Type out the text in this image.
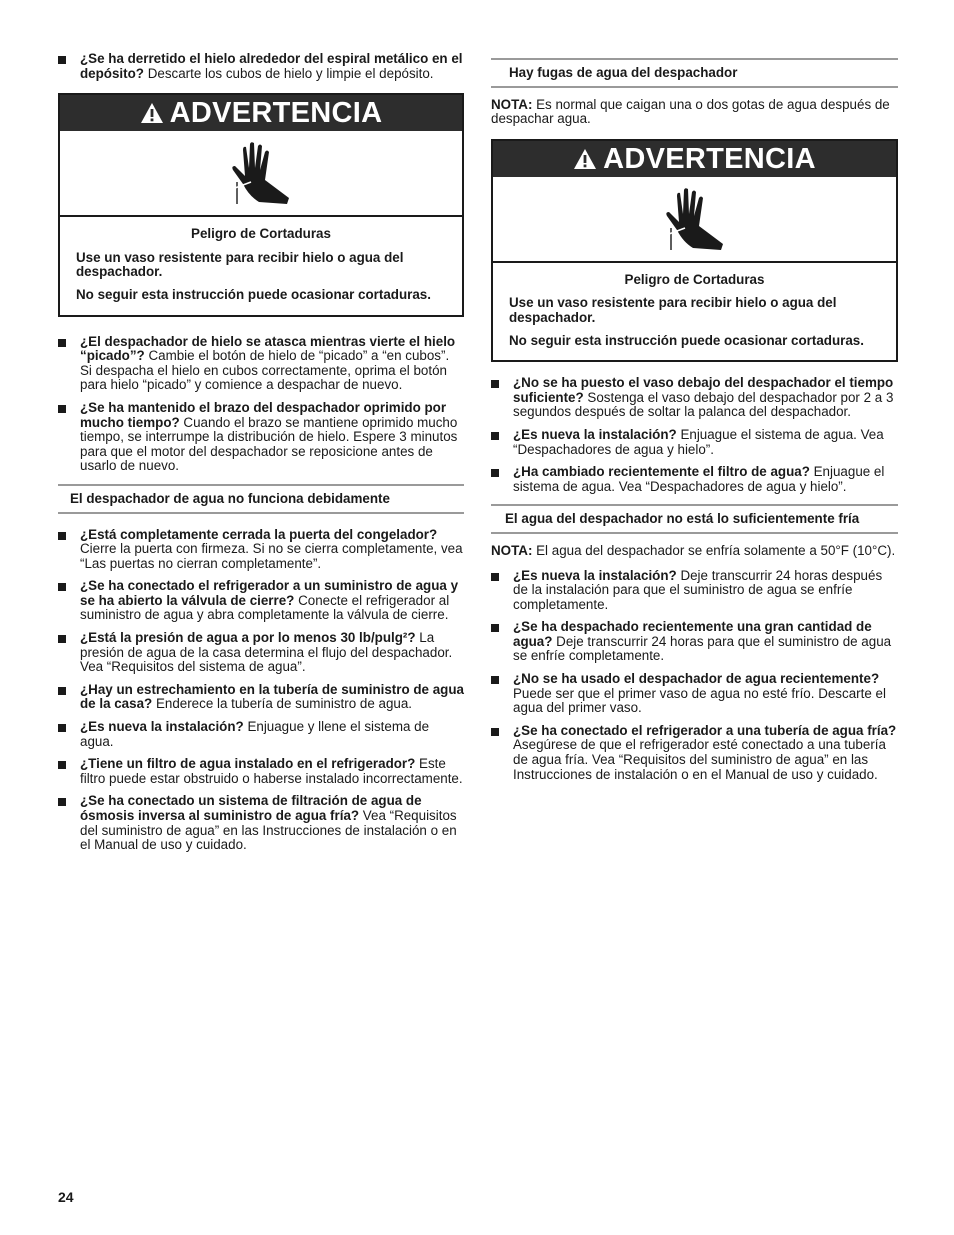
¿Se ha derretido el hielo alrededor del espiral metálico en el depósito? Descarte los cubos de hielo y limpie el depósito.
ADVERTENCIA
Peligro de Cortaduras

Use un vaso resistente para recibir hielo o agua del despachador.

No seguir esta instrucción puede ocasionar cortaduras.

¿El despachador de hielo se atasca mientras vierte el hielo “picado”? Cambie el botón de hielo de “picado” a “en cubos”. Si despacha el hielo en cubos correctamente, oprima el botón para hielo “picado” y comience a despachar de nuevo.
¿Se ha mantenido el brazo del despachador oprimido por mucho tiempo? Cuando el brazo se mantiene oprimido mucho tiempo, se interrumpe la distribución de hielo. Espere 3 minutos para que el motor del despachador se reposicione antes de usarlo de nuevo.
El despachador de agua no funciona debidamente
¿Está completamente cerrada la puerta del congelador? Cierre la puerta con firmeza. Si no se cierra completamente, vea “Las puertas no cierran completamente”.
¿Se ha conectado el refrigerador a un suministro de agua y se ha abierto la válvula de cierre? Conecte el refrigerador al suministro de agua y abra completamente la válvula de cierre.
¿Está la presión de agua a por lo menos 30 lb/pulg²? La presión de agua de la casa determina el flujo del despachador. Vea “Requisitos del sistema de agua”.
¿Hay un estrechamiento en la tubería de suministro de agua de la casa? Enderece la tubería de suministro de agua.
¿Es nueva la instalación? Enjuague y llene el sistema de agua.
¿Tiene un filtro de agua instalado en el refrigerador? Este filtro puede estar obstruido o haberse instalado incorrectamente.
¿Se ha conectado un sistema de filtración de agua de ósmosis inversa al suministro de agua fría? Vea “Requisitos del suministro de agua” en las Instrucciones de instalación o en el Manual de uso y cuidado.
Hay fugas de agua del despachador

NOTA: Es normal que caigan una o dos gotas de agua después de despachar agua.

ADVERTENCIA
Peligro de Cortaduras

Use un vaso resistente para recibir hielo o agua del despachador.

No seguir esta instrucción puede ocasionar cortaduras.

¿No se ha puesto el vaso debajo del despachador el tiempo suficiente? Sostenga el vaso debajo del despachador por 2 a 3 segundos después de soltar la palanca del despachador.
¿Es nueva la instalación? Enjuague el sistema de agua. Vea “Despachadores de agua y hielo”.
¿Ha cambiado recientemente el filtro de agua? Enjuague el sistema de agua. Vea “Despachadores de agua y hielo”.
El agua del despachador no está lo suficientemente fría

NOTA: El agua del despachador se enfría solamente a 50°F (10°C).

¿Es nueva la instalación? Deje transcurrir 24 horas después de la instalación para que el suministro de agua se enfríe completamente.
¿Se ha despachado recientemente una gran cantidad de agua? Deje transcurrir 24 horas para que el suministro de agua se enfríe completamente.
¿No se ha usado el despachador de agua recientemente? Puede ser que el primer vaso de agua no esté frío. Descarte el agua del primer vaso.
¿Se ha conectado el refrigerador a una tubería de agua fría? Asegúrese de que el refrigerador esté conectado a una tubería de agua fría. Vea “Requisitos del suministro de agua” en las Instrucciones de instalación o en el Manual de uso y cuidado.
24
